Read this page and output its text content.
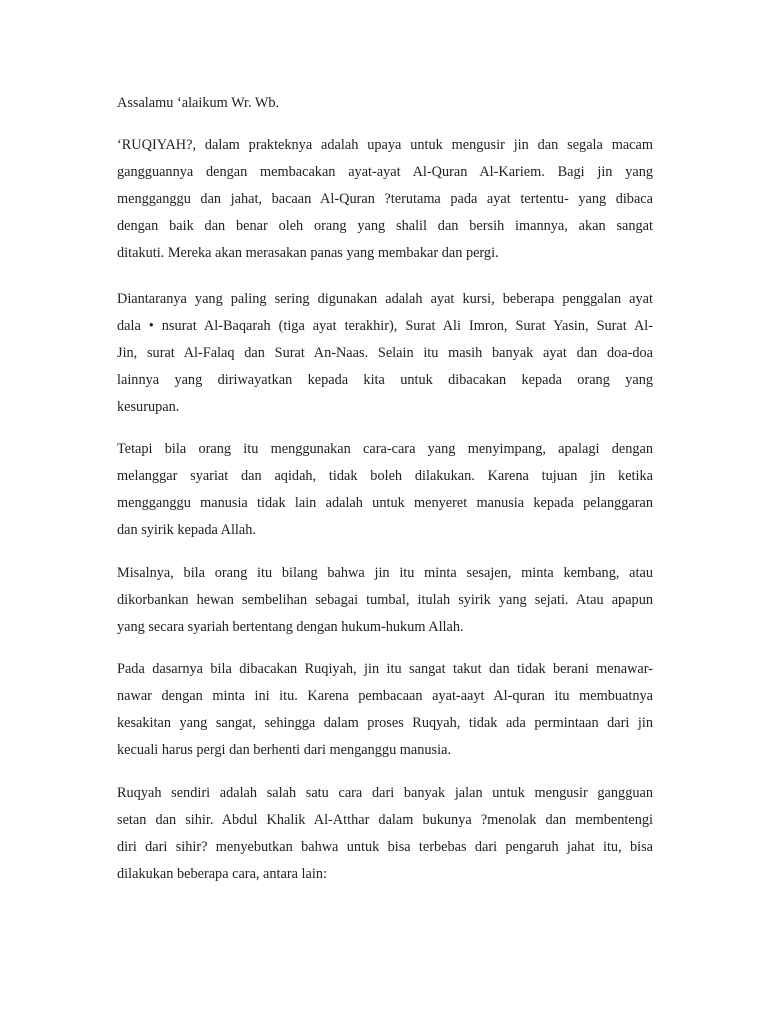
Assalamu ‘alaikum Wr. Wb.
‘RUQIYAH?, dalam prakteknya adalah upaya untuk mengusir jin dan segala macam
gangguannya dengan membacakan ayat-ayat Al-Quran Al-Kariem. Bagi jin yang
mengganggu dan jahat, bacaan Al-Quran ?terutama pada ayat tertentu- yang dibaca
dengan baik dan benar oleh orang yang shalil dan bersih imannya, akan sangat
ditakuti. Mereka akan merasakan panas yang membakar dan pergi.
Diantaranya yang paling sering digunakan adalah ayat kursi, beberapa penggalan ayat
dala • nsurat Al-Baqarah (tiga ayat terakhir), Surat Ali Imron, Surat Yasin, Surat Al-
Jin, surat Al-Falaq dan Surat An-Naas. Selain itu masih banyak ayat dan doa-doa
lainnya yang diriwayatkan kepada kita untuk dibacakan kepada orang yang
kesurupan.
Tetapi bila orang itu menggunakan cara-cara yang menyimpang, apalagi dengan
melanggar syariat dan aqidah, tidak boleh dilakukan. Karena tujuan jin ketika
mengganggu manusia tidak lain adalah untuk menyeret manusia kepada pelanggaran
dan syirik kepada Allah.
Misalnya, bila orang itu bilang bahwa jin itu minta sesajen, minta kembang, atau
dikorbankan hewan sembelihan sebagai tumbal, itulah syirik yang sejati. Atau apapun
yang secara syariah bertentang dengan hukum-hukum Allah.
Pada dasarnya bila dibacakan Ruqiyah, jin itu sangat takut dan tidak berani menawar-
nawar dengan minta ini itu. Karena pembacaan ayat-aayt Al-quran itu membuatnya
kesakitan yang sangat, sehingga dalam proses Ruqyah, tidak ada permintaan dari jin
kecuali harus pergi dan berhenti dari menganggu manusia.
Ruqyah sendiri adalah salah satu cara dari banyak jalan untuk mengusir gangguan
setan dan sihir. Abdul Khalik Al-Atthar dalam bukunya ?menolak dan membentengi
diri dari sihir? menyebutkan bahwa untuk bisa terbebas dari pengaruh jahat itu, bisa
dilakukan beberapa cara, antara lain:
